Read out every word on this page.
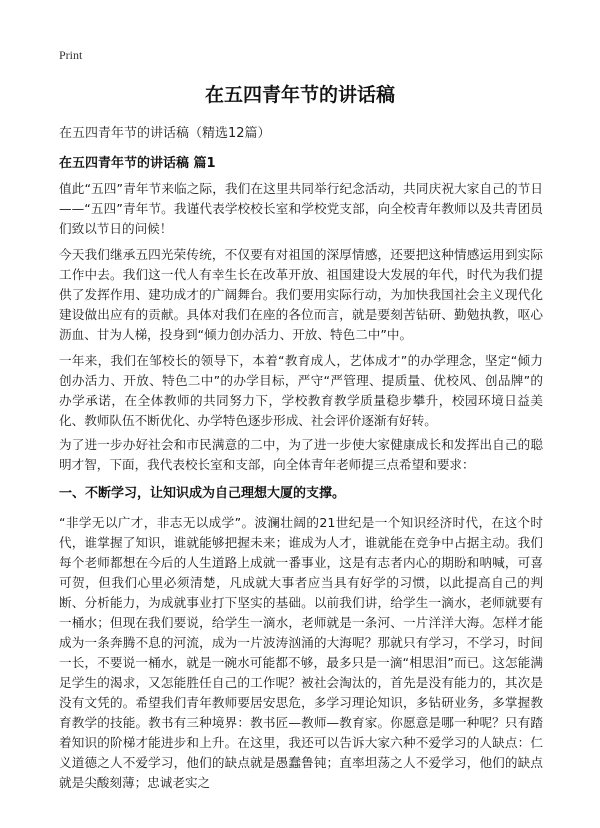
Print
在五四青年节的讲话稿
在五四青年节的讲话稿（精选12篇）
在五四青年节的讲话稿 篇1

值此“五四”青年节来临之际，我们在这里共同举行纪念活动，共同庆祝大家自己的节日——“五四”青年节。我谨代表学校校长室和学校党支部，向全校青年教师以及共青团员们致以节日的问候！

今天我们继承五四光荣传统，不仅要有对祖国的深厚情感，还要把这种情感运用到实际工作中去。我们这一代人有幸生长在改革开放、祖国建设大发展的年代，时代为我们提供了发挥作用、建功成才的广阔舞台。我们要用实际行动，为加快我国社会主义现代化建设做出应有的贡献。具体对我们在座的各位而言，就是要刻苦钻研、勤勉执教，呕心沥血、甘为人梯，投身到“倾力创办活力、开放、特色二中”中。

一年来，我们在邹校长的领导下，本着“教育成人，艺体成才”的办学理念，坚定“倾力创办活力、开放、特色二中”的办学目标，严守“严管理、提质量、优校风、创品牌”的办学承诺，在全体教师的共同努力下，学校教育教学质量稳步攀升，校园环境日益美化、教师队伍不断优化、办学特色逐步形成、社会评价逐渐有好转。

为了进一步办好社会和市民满意的二中，为了进一步使大家健康成长和发挥出自己的聪明才智，下面，我代表校长室和支部，向全体青年老师提三点希望和要求：

一、不断学习，让知识成为自己理想大厦的支撑。

“非学无以广才，非志无以成学”。波澜壮阔的21世纪是一个知识经济时代，在这个时代，谁掌握了知识，谁就能够把握未来；谁成为人才，谁就能在竞争中占据主动。我们每个老师都想在今后的人生道路上成就一番事业，这是有志者内心的期盼和呐喊，可喜可贺，但我们心里必须清楚，凡成就大事者应当具有好学的习惯，以此提高自己的判断、分析能力，为成就事业打下坚实的基础。以前我们讲，给学生一滴水，老师就要有一桶水；但现在我们要说，给学生一滴水，老师就是一条河、一片洋洋大海。怎样才能成为一条奔腾不息的河流，成为一片波涛汹涌的大海呢？那就只有学习，不学习，时间一长，不要说一桶水，就是一碗水可能都不够，最多只是一滴“相思泪”而已。这怎能满足学生的渴求，又怎能胜任自己的工作呢？被社会淘汰的，首先是没有能力的，其次是没有文凭的。希望我们青年教师要居安思危，多学习理论知识，多钻研业务，多掌握教育教学的技能。教书有三种境界：教书匠—教师—教育家。你愿意是哪一种呢？只有踏着知识的阶梯才能进步和上升。在这里，我还可以告诉大家六种不爱学习的人缺点：仁义道德之人不爱学习，他们的缺点就是愚蠢鲁钝；直率坦荡之人不爱学习，他们的缺点就是尖酸刻薄；忠诚老实之
